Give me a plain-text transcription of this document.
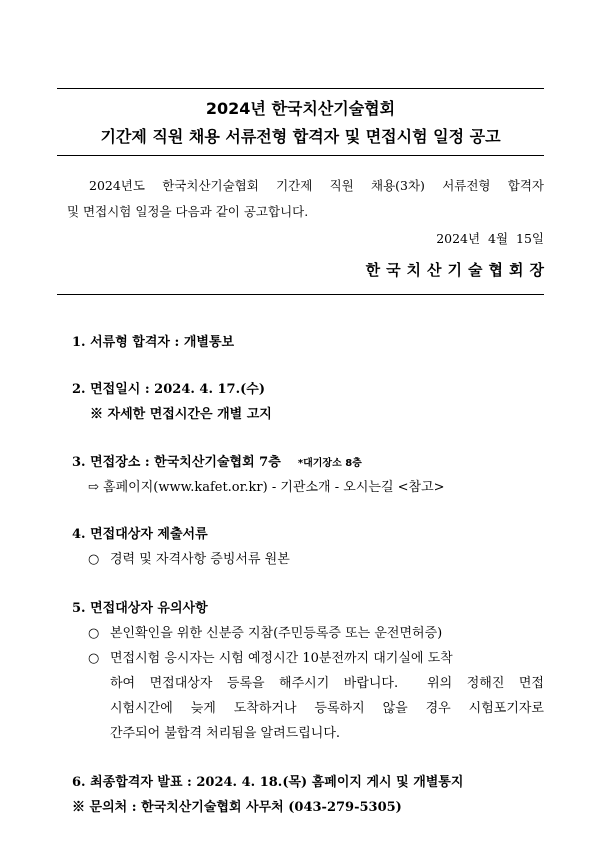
2024년 한국치산기술협회
기간제 직원 채용 서류전형 합격자 및 면접시험 일정 공고
2024년도 한국치산기술협회 기간제 직원 채용(3차) 서류전형 합격자
및 면접시험 일정을 다음과 같이 공고합니다.
2024년  4월  15일
한국치산기술협회장
1. 서류형 합격자 : 개별통보
2. 면접일시 : 2024. 4. 17.(수)
※ 자세한 면접시간은 개별 고지
3. 면접장소 : 한국치산기술협회 7층 *대기장소 8층
⇨ 홈페이지(www.kafet.or.kr) - 기관소개 - 오시는길 <참고>
4. 면접대상자 제출서류
○ 경력 및 자격사항 증빙서류 원본
5. 면접대상자 유의사항
○ 본인확인을 위한 신분증 지참(주민등록증 또는 운전면허증)
○ 면접시험 응시자는 시험 예정시간 10분전까지 대기실에 도착
하여 면접대상자 등록을 해주시기 바랍니다.  위의 정해진 면접
시험시간에 늦게 도착하거나 등록하지 않을 경우 시험포기자로
간주되어 불합격 처리됨을 알려드립니다.
6. 최종합격자 발표 : 2024. 4. 18.(목) 홈페이지 게시 및 개별통지
※ 문의처 : 한국치산기술협회 사무처 (043-279-5305)
